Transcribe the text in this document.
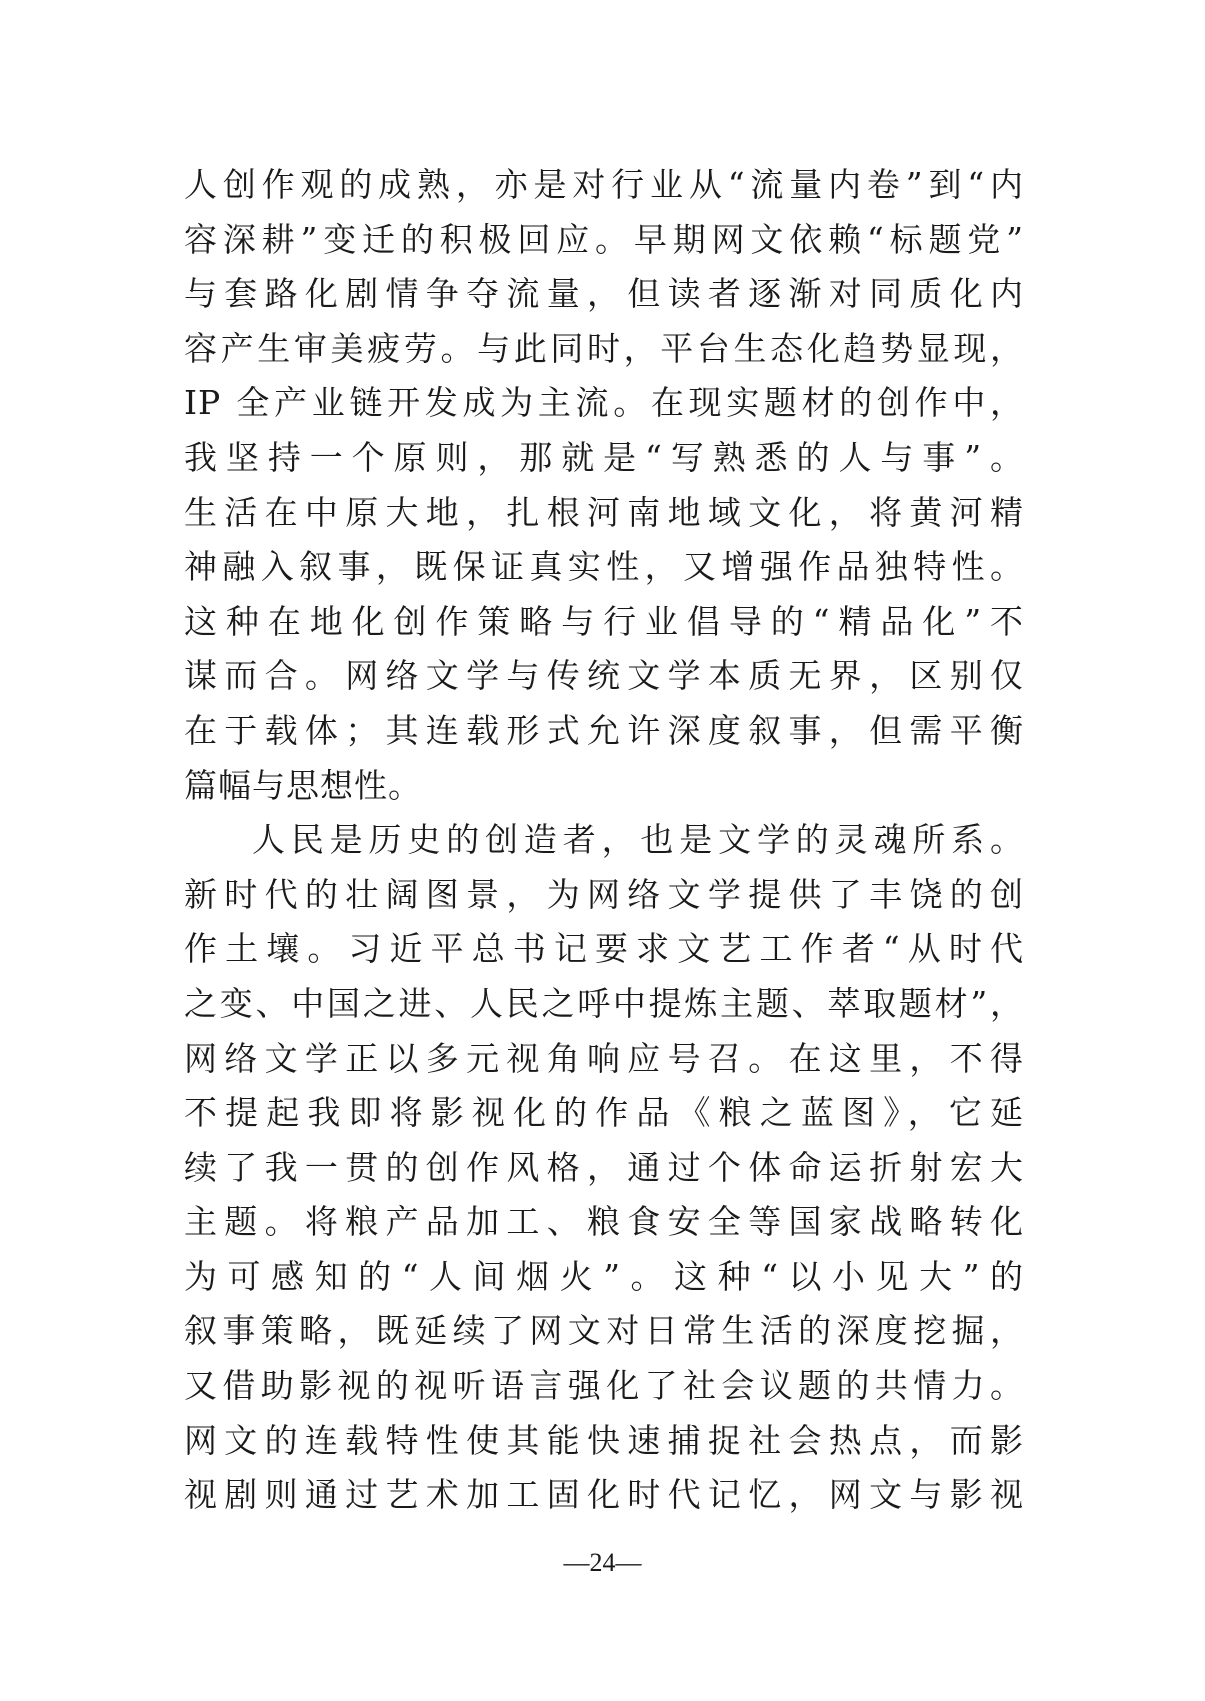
人创作观的成熟，亦是对行业从“流量内卷”到“内
容深耕”变迁的积极回应。早期网文依赖“标题党”
与套路化剧情争夺流量，但读者逐渐对同质化内
容产生审美疲劳。与此同时，平台生态化趋势显现，
IP 全产业链开发成为主流。在现实题材的创作中，
我坚持一个原则，那就是“写熟悉的人与事”。
生活在中原大地，扎根河南地域文化，将黄河精
神融入叙事，既保证真实性，又增强作品独特性。
这种在地化创作策略与行业倡导的“精品化”不
谋而合。网络文学与传统文学本质无界，区别仅
在于载体；其连载形式允许深度叙事，但需平衡
篇幅与思想性。
人民是历史的创造者，也是文学的灵魂所系。
新时代的壮阔图景，为网络文学提供了丰饶的创
作土壤。习近平总书记要求文艺工作者“从时代
之变、中国之进、人民之呼中提炼主题、萃取题材”，
网络文学正以多元视角响应号召。在这里，不得
不提起我即将影视化的作品《粮之蓝图》，它延
续了我一贯的创作风格，通过个体命运折射宏大
主题。将粮产品加工、粮食安全等国家战略转化
为可感知的“人间烟火”。这种“以小见大”的
叙事策略，既延续了网文对日常生活的深度挖掘，
又借助影视的视听语言强化了社会议题的共情力。
网文的连载特性使其能快速捕捉社会热点，而影
视剧则通过艺术加工固化时代记忆，网文与影视
—24—
